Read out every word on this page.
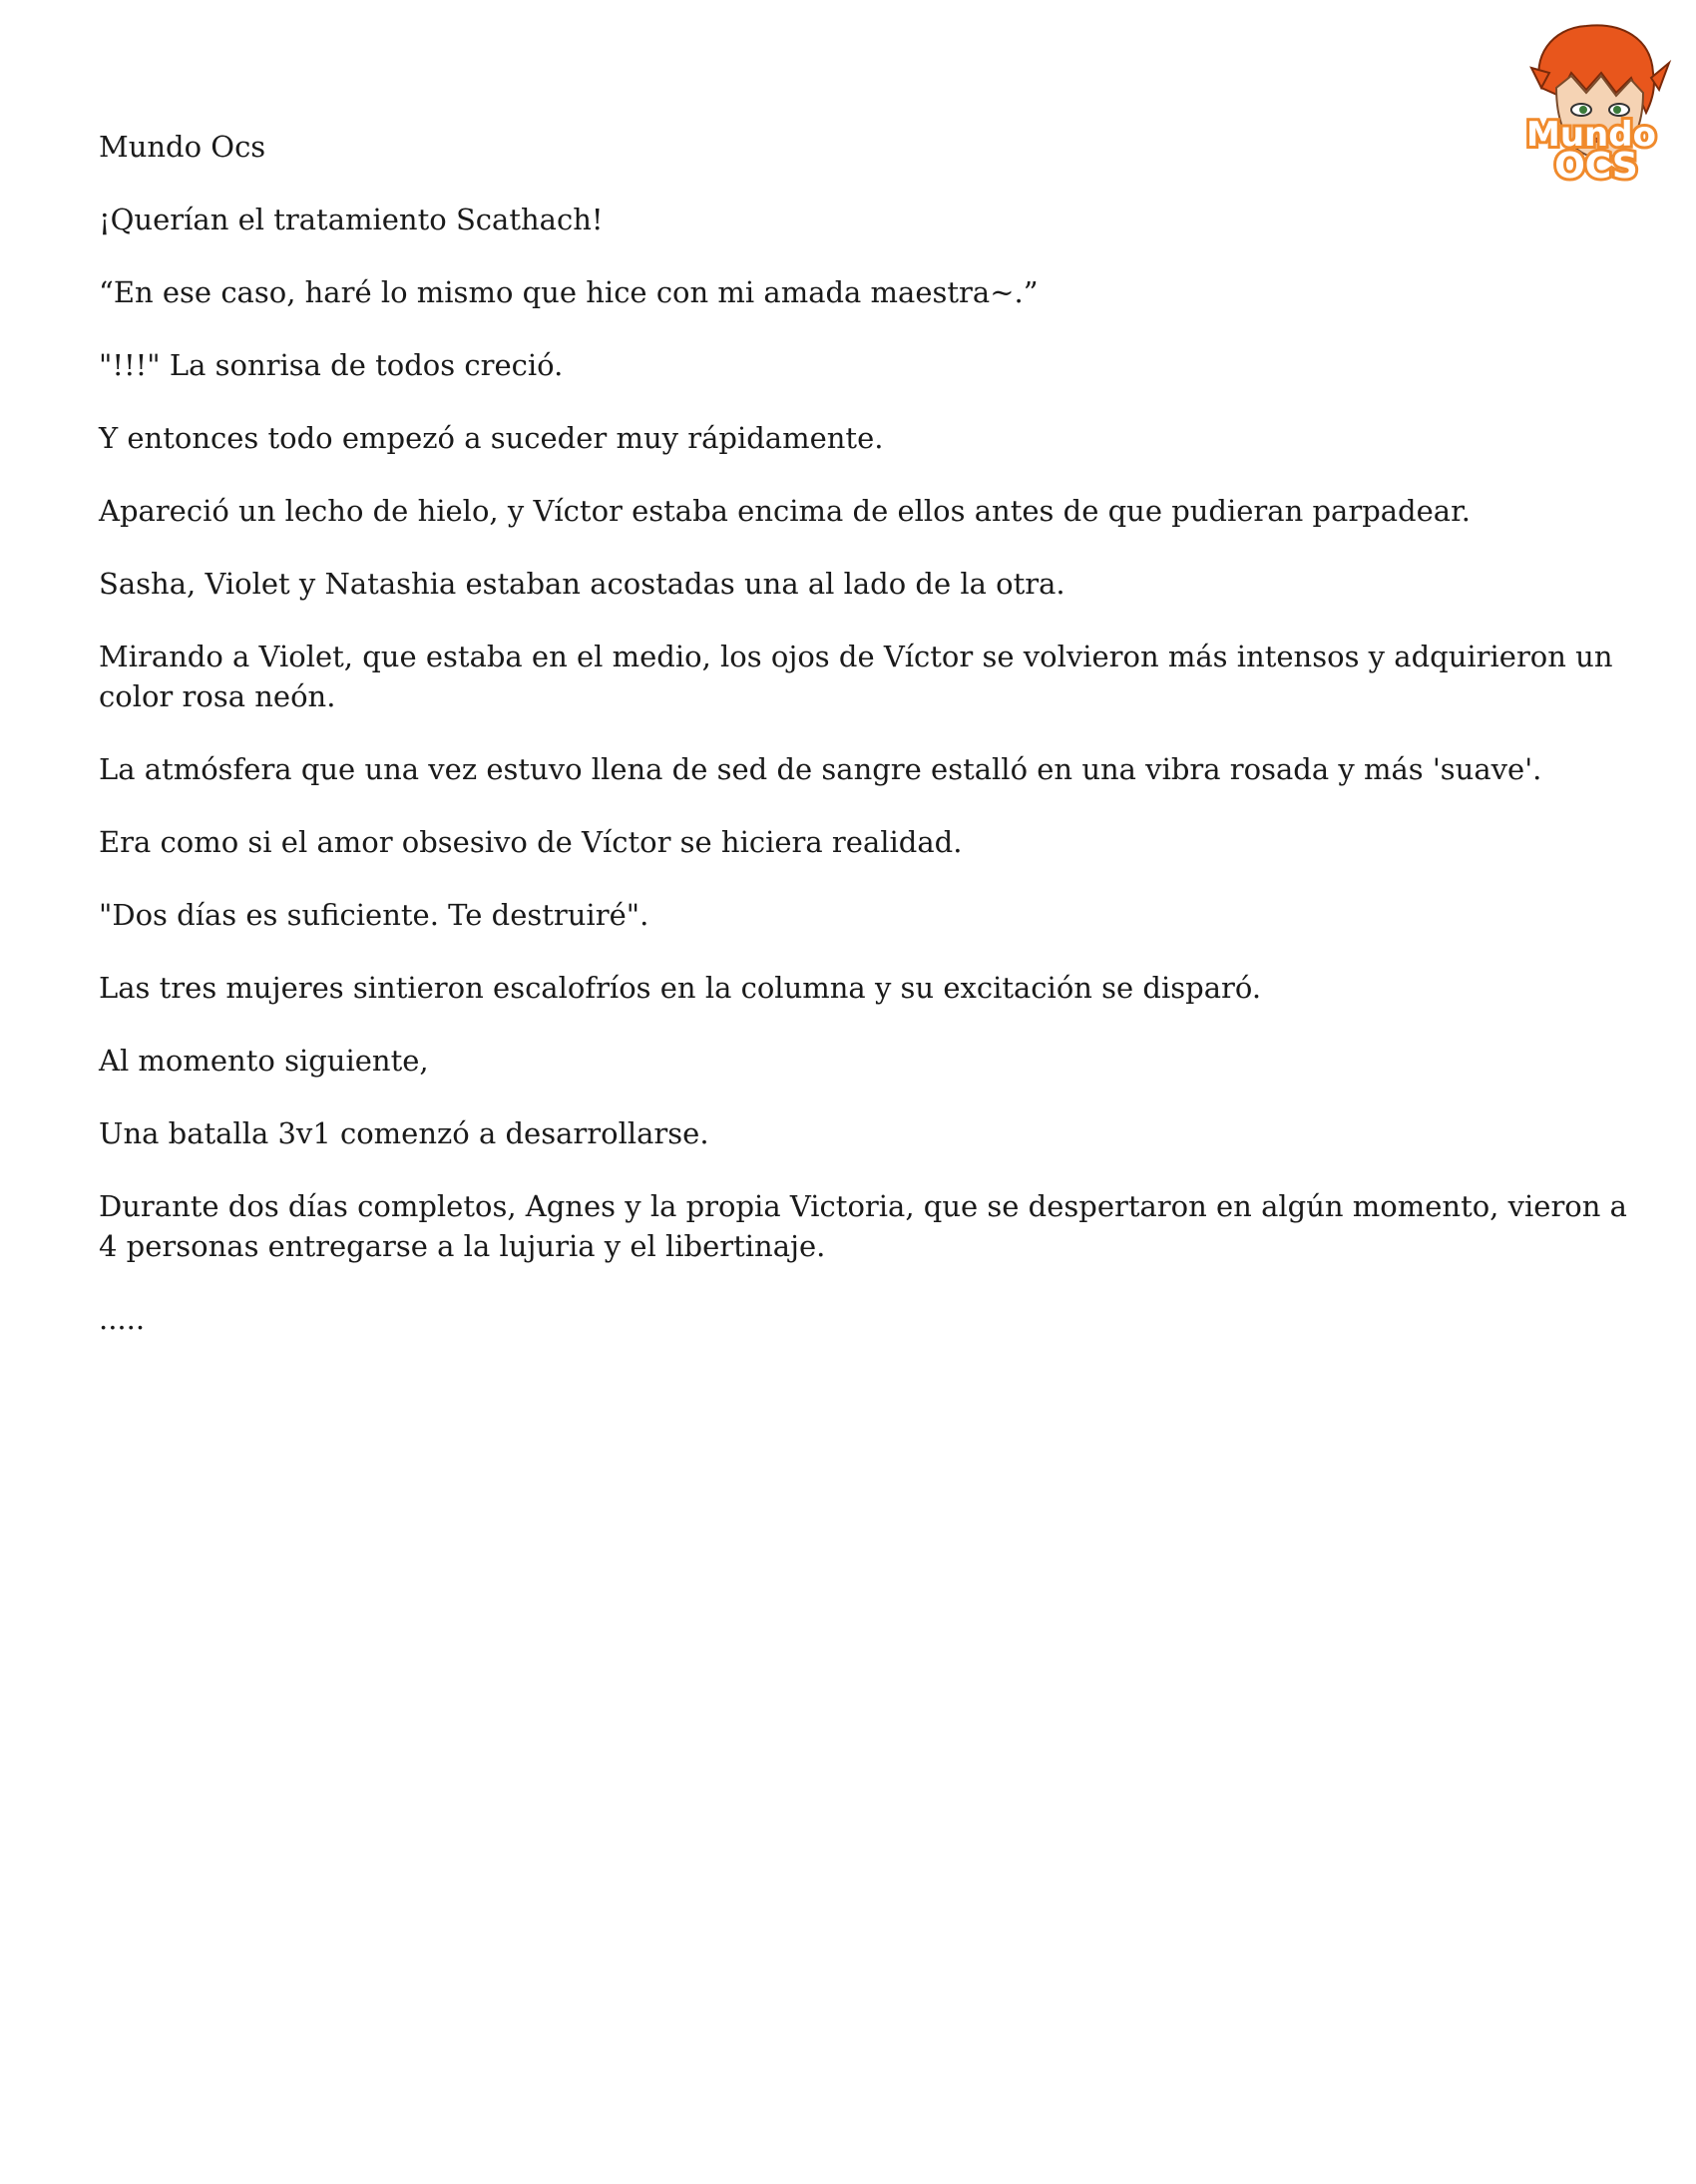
Mundo
OCS

Mundo Ocs

¡Querían el tratamiento Scathach!

“En ese caso, haré lo mismo que hice con mi amada maestra~.”

"!!!" La sonrisa de todos creció.

Y entonces todo empezó a suceder muy rápidamente.

Apareció un lecho de hielo, y Víctor estaba encima de ellos antes de que pudieran parpadear.

Sasha, Violet y Natashia estaban acostadas una al lado de la otra.

Mirando a Violet, que estaba en el medio, los ojos de Víctor se volvieron más intensos y adquirieron un color rosa neón.

La atmósfera que una vez estuvo llena de sed de sangre estalló en una vibra rosada y más 'suave'.

Era como si el amor obsesivo de Víctor se hiciera realidad.

"Dos días es suficiente. Te destruiré".

Las tres mujeres sintieron escalofríos en la columna y su excitación se disparó.

Al momento siguiente,

Una batalla 3v1 comenzó a desarrollarse.

Durante dos días completos, Agnes y la propia Victoria, que se despertaron en algún momento, vieron a 4 personas entregarse a la lujuria y el libertinaje.

.....
